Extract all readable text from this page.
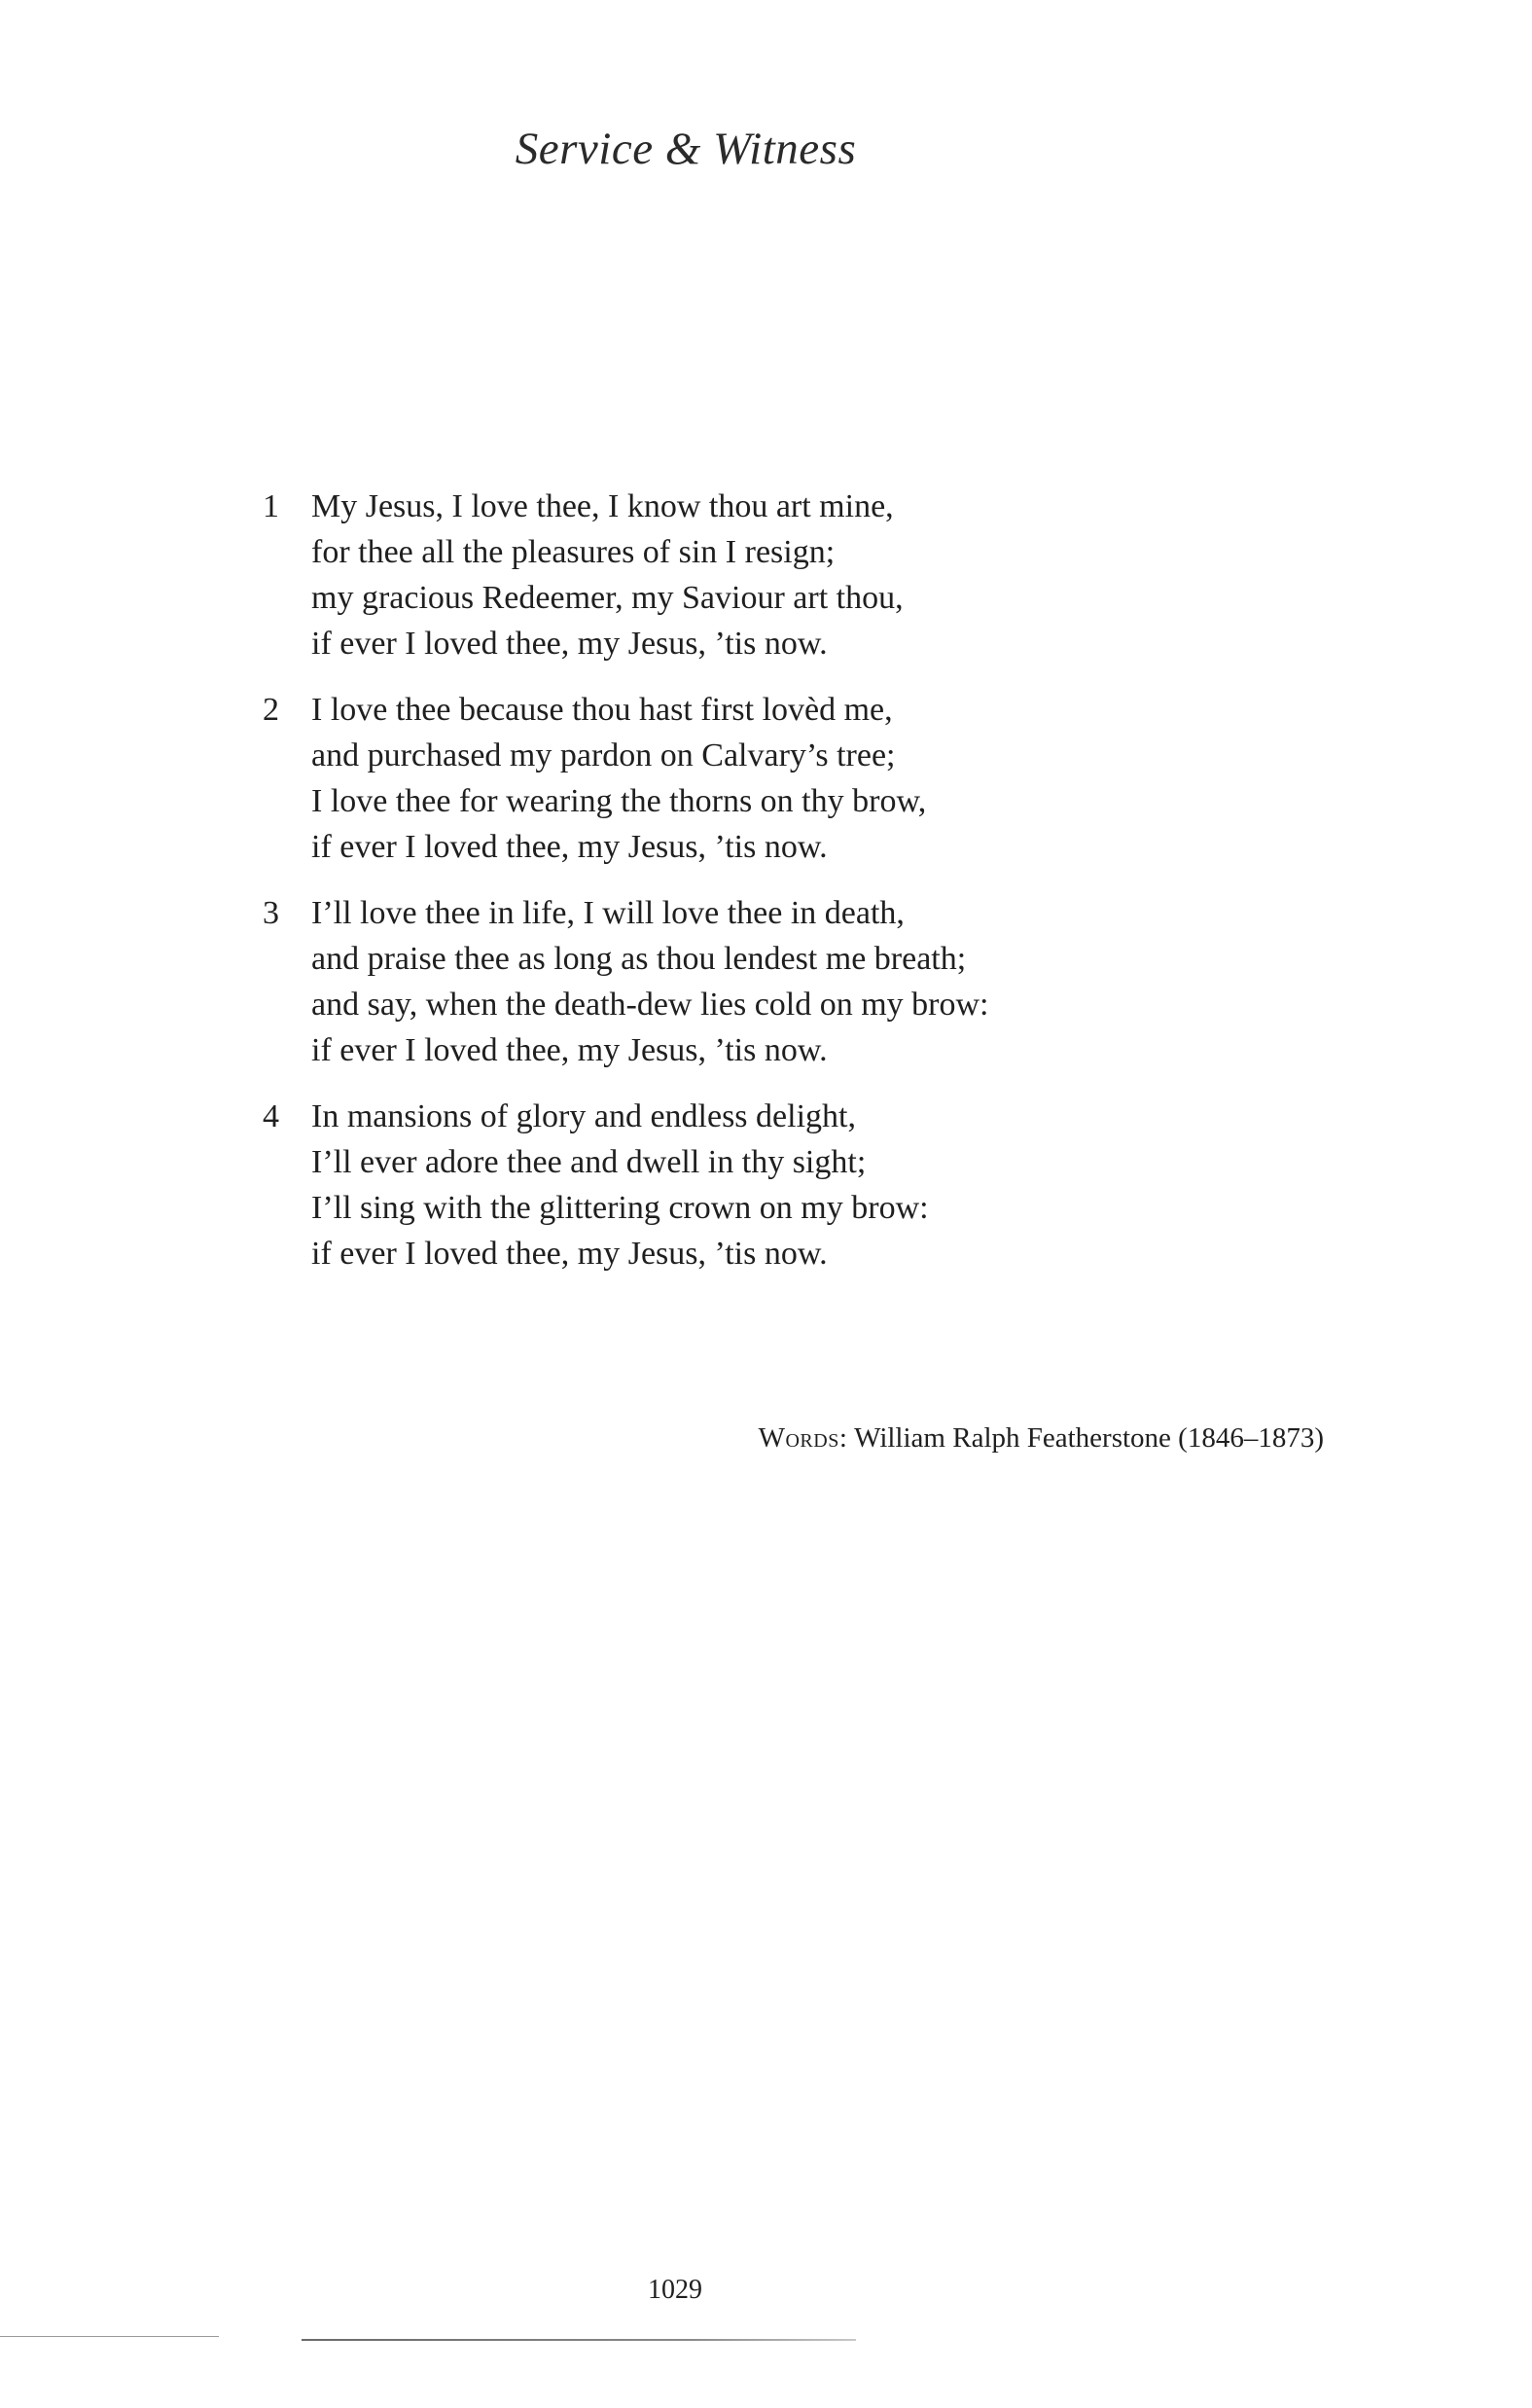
Service & Witness
1 My Jesus, I love thee, I know thou art mine,
for thee all the pleasures of sin I resign;
my gracious Redeemer, my Saviour art thou,
if ever I loved thee, my Jesus, ’tis now.
2 I love thee because thou hast first lovèd me,
and purchased my pardon on Calvary’s tree;
I love thee for wearing the thorns on thy brow,
if ever I loved thee, my Jesus, ’tis now.
3 I’ll love thee in life, I will love thee in death,
and praise thee as long as thou lendest me breath;
and say, when the death-dew lies cold on my brow:
if ever I loved thee, my Jesus, ’tis now.
4 In mansions of glory and endless delight,
I’ll ever adore thee and dwell in thy sight;
I’ll sing with the glittering crown on my brow:
if ever I loved thee, my Jesus, ’tis now.
Words: William Ralph Featherstone (1846–1873)
1029
